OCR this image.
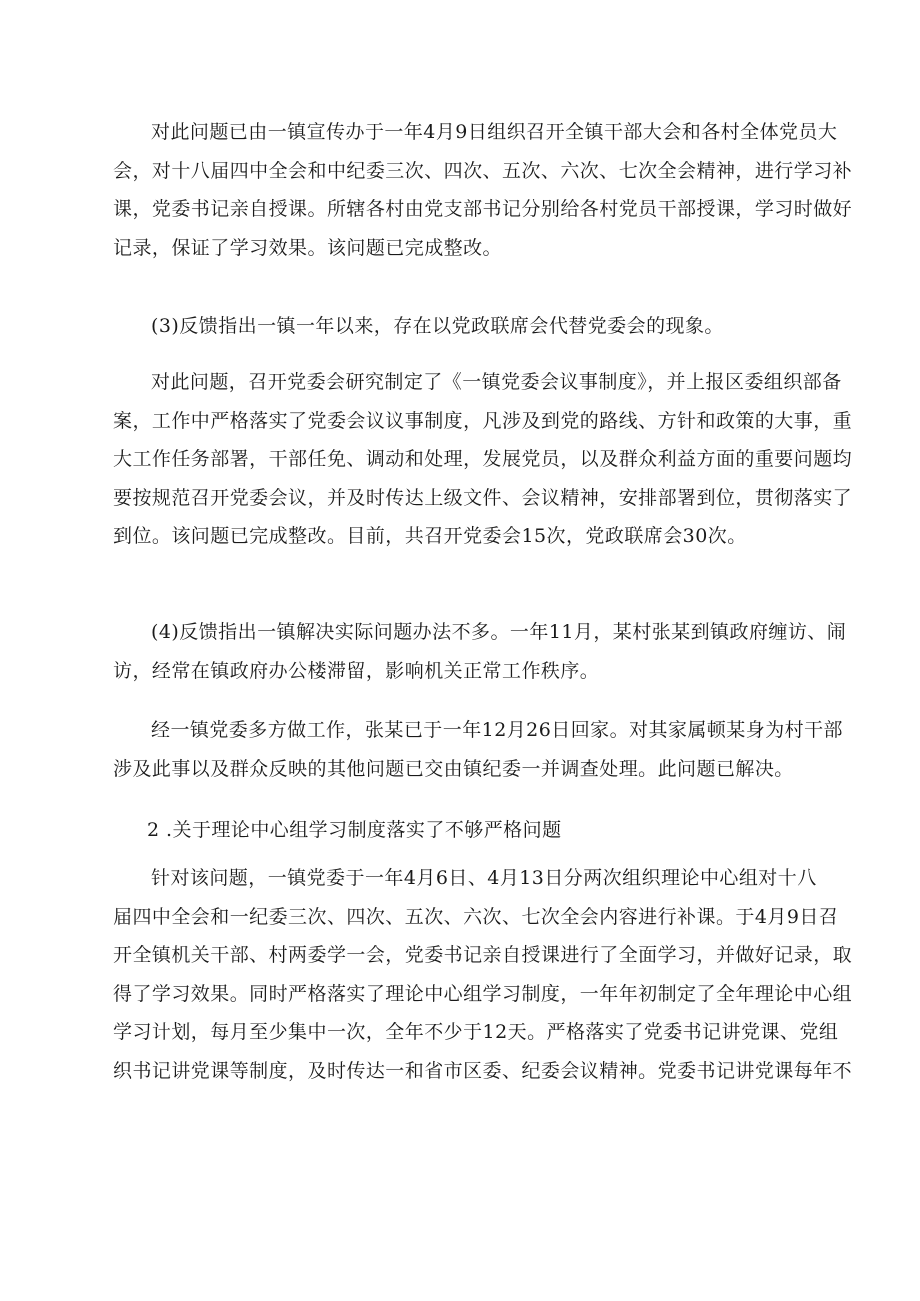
对此问题已由一镇宣传办于一年4月9日组织召开全镇干部大会和各村全体党员大
会，对十八届四中全会和中纪委三次、四次、五次、六次、七次全会精神，进行学习补
课，党委书记亲自授课。所辖各村由党支部书记分别给各村党员干部授课，学习时做好
记录，保证了学习效果。该问题已完成整改。
(3)反馈指出一镇一年以来，存在以党政联席会代替党委会的现象。
对此问题，召开党委会研究制定了《一镇党委会议事制度》，并上报区委组织部备
案，工作中严格落实了党委会议议事制度，凡涉及到党的路线、方针和政策的大事，重
大工作任务部署，干部任免、调动和处理，发展党员，以及群众利益方面的重要问题均
要按规范召开党委会议，并及时传达上级文件、会议精神，安排部署到位，贯彻落实了
到位。该问题已完成整改。目前，共召开党委会15次，党政联席会30次。
(4)反馈指出一镇解决实际问题办法不多。一年11月，某村张某到镇政府缠访、闹
访，经常在镇政府办公楼滞留，影响机关正常工作秩序。
经一镇党委多方做工作，张某已于一年12月26日回家。对其家属顿某身为村干部
涉及此事以及群众反映的其他问题已交由镇纪委一并调查处理。此问题已解决。
2 .关于理论中心组学习制度落实了不够严格问题
针对该问题，一镇党委于一年4月6日、4月13日分两次组织理论中心组对十八
届四中全会和一纪委三次、四次、五次、六次、七次全会内容进行补课。于4月9日召
开全镇机关干部、村两委学一会，党委书记亲自授课进行了全面学习，并做好记录，取
得了学习效果。同时严格落实了理论中心组学习制度，一年年初制定了全年理论中心组
学习计划，每月至少集中一次，全年不少于12天。严格落实了党委书记讲党课、党组
织书记讲党课等制度，及时传达一和省市区委、纪委会议精神。党委书记讲党课每年不
